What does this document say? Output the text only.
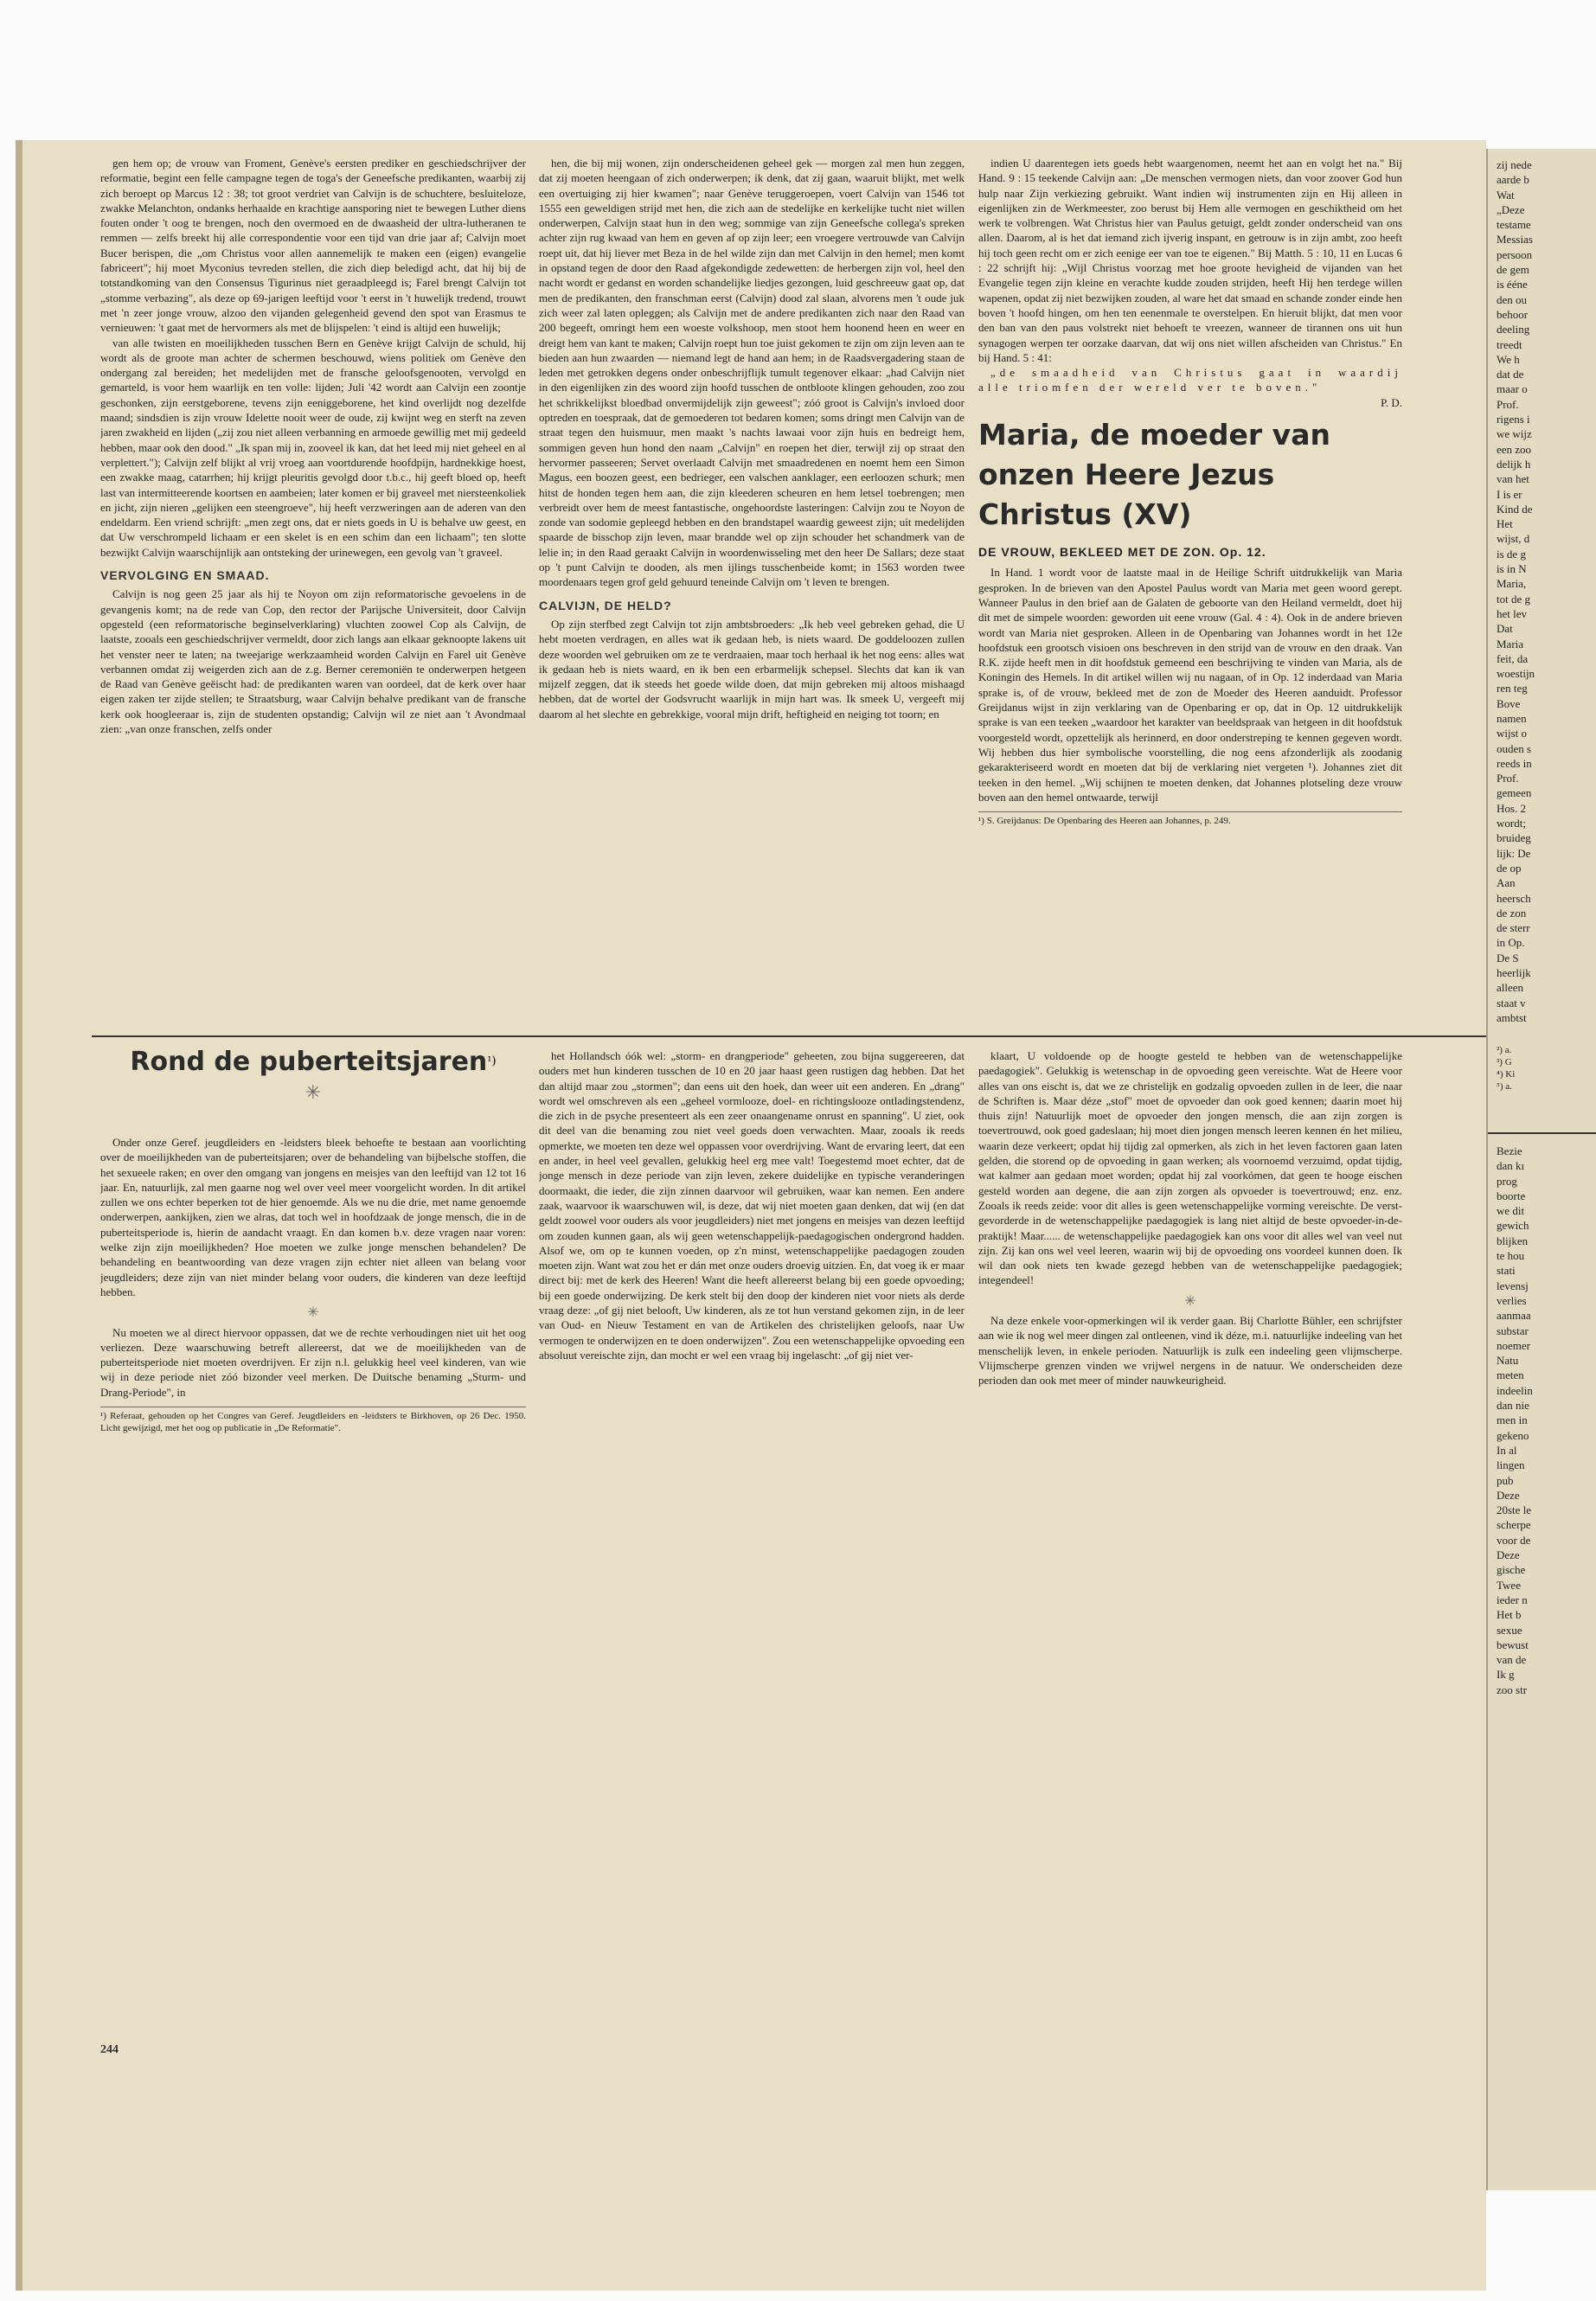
gen hem op; de vrouw van Froment, Genève's eersten prediker en geschiedschrijver der reformatie, begint een felle campagne tegen de toga's der Geneefsche predikanten, waarbij zij zich beroept op Marcus 12 : 38; tot groot verdriet van Calvijn is de schuchtere, besluiteloze, zwakke Melanchton, ondanks herhaalde en krachtige aansporing niet te bewegen Luther diens fouten onder 't oog te brengen, noch den overmoed en de dwaasheid der ultra-lutheranen te remmen — zelfs breekt hij alle correspondentie voor een tijd van drie jaar af; Calvijn moet Bucer berispen, die „om Christus voor allen aannemelijk te maken een (eigen) evangelie fabriceert"; hij moet Myconius tevreden stellen, die zich diep beledigd acht, dat hij bij de totstandkoming van den Consensus Tigurinus niet geraadpleegd is; Farel brengt Calvijn tot „stomme verbazing", als deze op 69-jarigen leeftijd voor 't eerst in 't huwelijk tredend, trouwt met 'n zeer jonge vrouw, alzoo den vijanden gelegenheid gevend den spot van Erasmus te vernieuwen: 't gaat met de hervormers als met de blijspelen: 't eind is altijd een huwelijk;

van alle twisten en moeilijkheden tusschen Bern en Genève krijgt Calvijn de schuld, hij wordt als de groote man achter de schermen beschouwd, wiens politiek om Genève den ondergang zal bereiden; het medelijden met de fransche geloofsgenooten, vervolgd en gemarteld, is voor hem waarlijk en ten volle: lijden; Juli '42 wordt aan Calvijn een zoontje geschonken, zijn eerstgeborene, tevens zijn eeniggeborene, het kind overlijdt nog dezelfde maand; sindsdien is zijn vrouw Idelette nooit weer de oude, zij kwijnt weg en sterft na zeven jaren zwakheid en lijden („zij zou niet alleen verbanning en armoede gewillig met mij gedeeld hebben, maar ook den dood." „Ik span mij in, zooveel ik kan, dat het leed mij niet geheel en al verplettert."); Calvijn zelf blijkt al vrij vroeg aan voortdurende hoofdpijn, hardnekkige hoest, een zwakke maag, catarrhen; hij krijgt pleuritis gevolgd door t.b.c., hij geeft bloed op, heeft last van intermitteerende koortsen en aambeien; later komen er bij graveel met niersteenkoliek en jicht, zijn nieren „gelijken een steengroeve", hij heeft verzweringen aan de aderen van den endeldarm. Een vriend schrijft: „men zegt ons, dat er niets goeds in U is behalve uw geest, en dat Uw verschrompeld lichaam er een skelet is en een schim dan een lichaam"; ten slotte bezwijkt Calvijn waarschijnlijk aan ontsteking der urinewegen, een gevolg van 't graveel.

VERVOLGING EN SMAAD.

Calvijn is nog geen 25 jaar als hij te Noyon om zijn reformatorische gevoelens in de gevangenis komt; na de rede van Cop, den rector der Parijsche Universiteit, door Calvijn opgesteld (een reformatorische beginselverklaring) vluchten zoowel Cop als Calvijn, de laatste, zooals een geschiedschrijver vermeldt, door zich langs aan elkaar geknoopte lakens uit het venster neer te laten; na tweejarige werkzaamheid worden Calvijn en Farel uit Genève verbannen omdat zij weigerden zich aan de z.g. Berner ceremoniën te onderwerpen hetgeen de Raad van Genève geëischt had: de predikanten waren van oordeel, dat de kerk over haar eigen zaken ter zijde stellen; te Straatsburg, waar Calvijn behalve predikant van de fransche kerk ook hoogleeraar is, zijn de studenten opstandig; Calvijn wil ze niet aan 't Avondmaal zien: „van onze franschen, zelfs onder

hen, die bij mij wonen, zijn onderscheidenen geheel gek — morgen zal men hun zeggen, dat zij moeten heengaan of zich onderwerpen; ik denk, dat zij gaan, waaruit blijkt, met welk een overtuiging zij hier kwamen"; naar Genève teruggeroepen, voert Calvijn van 1546 tot 1555 een geweldigen strijd met hen, die zich aan de stedelijke en kerkelijke tucht niet willen onderwerpen, Calvijn staat hun in den weg; sommige van zijn Geneefsche collega's spreken achter zijn rug kwaad van hem en geven af op zijn leer; een vroegere vertrouwde van Calvijn roept uit, dat hij liever met Beza in de hel wilde zijn dan met Calvijn in den hemel; men komt in opstand tegen de door den Raad afgekondigde zedewetten: de herbergen zijn vol, heel den nacht wordt er gedanst en worden schandelijke liedjes gezongen, luid geschreeuw gaat op, dat men de predikanten, den franschman eerst (Calvijn) dood zal slaan, alvorens men 't oude juk zich weer zal laten opleggen; als Calvijn met de andere predikanten zich naar den Raad van 200 begeeft, omringt hem een woeste volkshoop, men stoot hem hoonend heen en weer en dreigt hem van kant te maken; Calvijn roept hun toe juist gekomen te zijn om zijn leven aan te bieden aan hun zwaarden — niemand legt de hand aan hem; in de Raadsvergadering staan de leden met getrokken degens onder onbeschrijflijk tumult tegenover elkaar: „had Calvijn niet in den eigenlijken zin des woord zijn hoofd tusschen de ontbloote klingen gehouden, zoo zou het schrikkelijkst bloedbad onvermijdelijk zijn geweest"; zóó groot is Calvijn's invloed door optreden en toespraak, dat de gemoederen tot bedaren komen; soms dringt men Calvijn van de straat tegen den huismuur, men maakt 's nachts lawaai voor zijn huis en bedreigt hem, sommigen geven hun hond den naam „Calvijn" en roepen het dier, terwijl zij op straat den hervormer passeeren; Servet overlaadt Calvijn met smaadredenen en noemt hem een Simon Magus, een boozen geest, een bedrieger, een valschen aanklager, een eerloozen schurk; men hitst de honden tegen hem aan, die zijn kleederen scheuren en hem letsel toebrengen; men verbreidt over hem de meest fantastische, ongehoordste lasteringen: Calvijn zou te Noyon de zonde van sodomie gepleegd hebben en den brandstapel waardig geweest zijn; uit medelijden spaarde de bisschop zijn leven, maar brandde wel op zijn schouder het schandmerk van de lelie in; in den Raad geraakt Calvijn in woordenwisseling met den heer De Sallars; deze staat op 't punt Calvijn te dooden, als men ijlings tusschenbeide komt; in 1563 worden twee moordenaars tegen grof geld gehuurd teneinde Calvijn om 't leven te brengen.

CALVIJN, DE HELD?

Op zijn sterfbed zegt Calvijn tot zijn ambtsbroeders: „Ik heb veel gebreken gehad, die U hebt moeten verdragen, en alles wat ik gedaan heb, is niets waard. De goddeloozen zullen deze woorden wel gebruiken om ze te verdraaien, maar toch herhaal ik het nog eens: alles wat ik gedaan heb is niets waard, en ik ben een erbarmelijk schepsel. Slechts dat kan ik van mijzelf zeggen, dat ik steeds het goede wilde doen, dat mijn gebreken mij altoos mishaagd hebben, dat de wortel der Godsvrucht waarlijk in mijn hart was. Ik smeek U, vergeeft mij daarom al het slechte en gebrekkige, vooral mijn drift, heftigheid en neiging tot toorn; en

indien U daarentegen iets goeds hebt waargenomen, neemt het aan en volgt het na." Bij Hand. 9 : 15 teekende Calvijn aan: „De menschen vermogen niets, dan voor zoover God hun hulp naar Zijn verkiezing gebruikt. Want indien wij instrumenten zijn en Hij alleen in eigenlijken zin de Werkmeester, zoo berust bij Hem alle vermogen en geschiktheid om het werk te volbrengen. Wat Christus hier van Paulus getuigt, geldt zonder onderscheid van ons allen. Daarom, al is het dat iemand zich ijverig inspant, en getrouw is in zijn ambt, zoo heeft hij toch geen recht om er zich eenige eer van toe te eigenen." Bij Matth. 5 : 10, 11 en Lucas 6 : 22 schrijft hij: „Wijl Christus voorzag met hoe groote hevigheid de vijanden van het Evangelie tegen zijn kleine en verachte kudde zouden strijden, heeft Hij hen terdege willen wapenen, opdat zij niet bezwijken zouden, al ware het dat smaad en schande zonder einde hen boven 't hoofd hingen, om hen ten eenenmale te overstelpen. En hieruit blijkt, dat men voor den ban van den paus volstrekt niet behoeft te vreezen, wanneer de tirannen ons uit hun synagogen werpen ter oorzake daarvan, dat wij ons niet willen afscheiden van Christus." En bij Hand. 5 : 41:

„de smaadheid van Christus gaat in waardij alle triomfen der wereld ver te boven."

P. D.

Maria, de moeder van onzen Heere Jezus Christus (XV)
DE VROUW, BEKLEED MET DE ZON. Op. 12.

In Hand. 1 wordt voor de laatste maal in de Heilige Schrift uitdrukkelijk van Maria gesproken. In de brieven van den Apostel Paulus wordt van Maria met geen woord gerept. Wanneer Paulus in den brief aan de Galaten de geboorte van den Heiland vermeldt, doet hij dit met de simpele woorden: geworden uit eene vrouw (Gal. 4 : 4). Ook in de andere brieven wordt van Maria niet gesproken. Alleen in de Openbaring van Johannes wordt in het 12e hoofdstuk een grootsch visioen ons beschreven in den strijd van de vrouw en den draak. Van R.K. zijde heeft men in dit hoofdstuk gemeend een beschrijving te vinden van Maria, als de Koningin des Hemels. In dit artikel willen wij nu nagaan, of in Op. 12 inderdaad van Maria sprake is, of de vrouw, bekleed met de zon de Moeder des Heeren aanduidt. Professor Greijdanus wijst in zijn verklaring van de Openbaring er op, dat in Op. 12 uitdrukkelijk sprake is van een teeken „waardoor het karakter van beeldspraak van hetgeen in dit hoofdstuk voorgesteld wordt, opzettelijk als herinnerd, en door onderstreping te kennen gegeven wordt. Wij hebben dus hier symbolische voorstelling, die nog eens afzonderlijk als zoodanig gekarakteriseerd wordt en moeten dat bij de verklaring niet vergeten ¹). Johannes ziet dit teeken in den hemel. „Wij schijnen te moeten denken, dat Johannes plotseling deze vrouw boven aan den hemel ontwaarde, terwijl

¹) S. Greijdanus: De Openbaring des Heeren aan Johannes, p. 249.
Rond de puberteitsjaren$^{^1)}$
✳

Onder onze Geref. jeugdleiders en -leidsters bleek behoefte te bestaan aan voorlichting over de moeilijkheden van de puberteitsjaren; over de behandeling van bijbelsche stoffen, die het sexueele raken; en over den omgang van jongens en meisjes van den leeftijd van 12 tot 16 jaar. En, natuurlijk, zal men gaarne nog wel over veel meer voorgelicht worden. In dit artikel zullen we ons echter beperken tot de hier genoemde. Als we nu die drie, met name genoemde onderwerpen, aankijken, zien we alras, dat toch wel in hoofdzaak de jonge mensch, die in de puberteitsperiode is, hierin de aandacht vraagt. En dan komen b.v. deze vragen naar voren: welke zijn zijn moeilijkheden? Hoe moeten we zulke jonge menschen behandelen? De behandeling en beantwoording van deze vragen zijn echter niet alleen van belang voor jeugdleiders; deze zijn van niet minder belang voor ouders, die kinderen van deze leeftijd hebben.

✳

Nu moeten we al direct hiervoor oppassen, dat we de rechte verhoudingen niet uit het oog verliezen. Deze waarschuwing betreft allereerst, dat we de moeilijkheden van de puberteitsperiode niet moeten overdrijven. Er zijn n.l. gelukkig heel veel kinderen, van wie wij in deze periode niet zóó bizonder veel merken. De Duitsche benaming „Sturm- und Drang-Periode", in

¹) Referaat, gehouden op het Congres van Geref. Jeugdleiders en -leidsters te Birkhoven, op 26 Dec. 1950. Licht gewijzigd, met het oog op publicatie in „De Reformatie".

het Hollandsch óók wel: „storm- en drangperiode" geheeten, zou bijna suggereeren, dat ouders met hun kinderen tusschen de 10 en 20 jaar haast geen rustigen dag hebben. Dat het dan altijd maar zou „stormen"; dan eens uit den hoek, dan weer uit een anderen. En „drang" wordt wel omschreven als een „geheel vormlooze, doel- en richtingslooze ontladingstendenz, die zich in de psyche presenteert als een zeer onaangename onrust en spanning". U ziet, ook dit deel van die benaming zou niet veel goeds doen verwachten. Maar, zooals ik reeds opmerkte, we moeten ten deze wel oppassen voor overdrijving. Want de ervaring leert, dat een en ander, in heel veel gevallen, gelukkig heel erg mee valt! Toegestemd moet echter, dat de jonge mensch in deze periode van zijn leven, zekere duidelijke en typische veranderingen doormaakt, die ieder, die zijn zinnen daarvoor wil gebruiken, waar kan nemen. Een andere zaak, waarvoor ik waarschuwen wil, is deze, dat wij niet moeten gaan denken, dat wij (en dat geldt zoowel voor ouders als voor jeugdleiders) niet met jongens en meisjes van dezen leeftijd om zouden kunnen gaan, als wij geen wetenschappelijk-paedagogischen ondergrond hadden. Alsof we, om op te kunnen voeden, op z'n minst, wetenschappelijke paedagogen zouden moeten zijn. Want wat zou het er dán met onze ouders droevig uitzien. En, dat voeg ik er maar direct bij: met de kerk des Heeren! Want die heeft allereerst belang bij een goede opvoeding; bij een goede onderwijzing. De kerk stelt bij den doop der kinderen niet voor niets als derde vraag deze: „of gij niet belooft, Uw kinderen, als ze tot hun verstand gekomen zijn, in de leer van Oud- en Nieuw Testament en van de Artikelen des christelijken geloofs, naar Uw vermogen te onderwijzen en te doen onderwijzen". Zou een wetenschappelijke opvoeding een absoluut vereischte zijn, dan mocht er wel een vraag bij ingelascht: „of gij niet ver-

klaart, U voldoende op de hoogte gesteld te hebben van de wetenschappelijke paedagogiek". Gelukkig is wetenschap in de opvoeding geen vereischte. Wat de Heere voor alles van ons eischt is, dat we ze christelijk en godzalig opvoeden zullen in de leer, die naar de Schriften is. Maar déze „stof" moet de opvoeder dan ook goed kennen; daarin moet hij thuis zijn! Natuurlijk moet de opvoeder den jongen mensch, die aan zijn zorgen is toevertrouwd, ook goed gadeslaan; hij moet dien jongen mensch leeren kennen én het milieu, waarin deze verkeert; opdat hij tijdig zal opmerken, als zich in het leven factoren gaan laten gelden, die storend op de opvoeding in gaan werken; als voornoemd verzuimd, opdat tijdig, wat kalmer aan gedaan moet worden; opdat hij zal voorkómen, dat geen te hooge eischen gesteld worden aan degene, die aan zijn zorgen als opvoeder is toevertrouwd; enz. enz. Zooals ik reeds zeide: voor dit alles is geen wetenschappelijke vorming vereischte. De verst-gevorderde in de wetenschappelijke paedagogiek is lang niet altijd de beste opvoeder-in-de-praktijk! Maar...... de wetenschappelijke paedagogiek kan ons voor dit alles wel van veel nut zijn. Zij kan ons wel veel leeren, waarin wij bij de opvoeding ons voordeel kunnen doen. Ik wil dan ook niets ten kwade gezegd hebben van de wetenschappelijke paedagogiek; integendeel!

✳

Na deze enkele voor-opmerkingen wil ik verder gaan. Bij Charlotte Bühler, een schrijfster aan wie ik nog wel meer dingen zal ontleenen, vind ik déze, m.i. natuurlijke indeeling van het menschelijk leven, in enkele perioden. Natuurlijk is zulk een indeeling geen vlijmscherpe. Vlijmscherpe grenzen vinden we vrijwel nergens in de natuur. We onderscheiden deze perioden dan ook met meer of minder nauwkeurigheid.

244
zij nede
aarde b
Wat
„Deze
testame
Messias
persoon
de gem
is ééne
den ou
behoor
deeling
treedt
We h
dat de
maar o
Prof.
rigens i
we wijz
een zoo
delijk h
van het
I is er
Kind de
Het
wijst, d
is de g
is in N
Maria,
tot de g
het lev
Dat
Maria
feit, da
woestijn
ren teg
Bove
namen
wijst o
ouden s
reeds in
Prof.
gemeen
Hos. 2
wordt;
bruideg
lijk: De
de op
Aan
heersch
de zon
de sterr
in Op.
De S
heerlijk
alleen
staat v
ambtst
²) a.
³) G
⁴) Ki
⁵) a.
Bezie
dan kı
prog
boorte
we dit
gewich
blijken
te hou
stati
levensj
verlies
aanmaa
substar
noemer
Natu
meten
indeelin
dan nie
men in
gekeno
In al
lingen
pub
Deze
20ste le
scherpe
voor de
Deze
gische
Twee
ieder n
Het b
sexue
bewust
van de
Ik g
zoo str
